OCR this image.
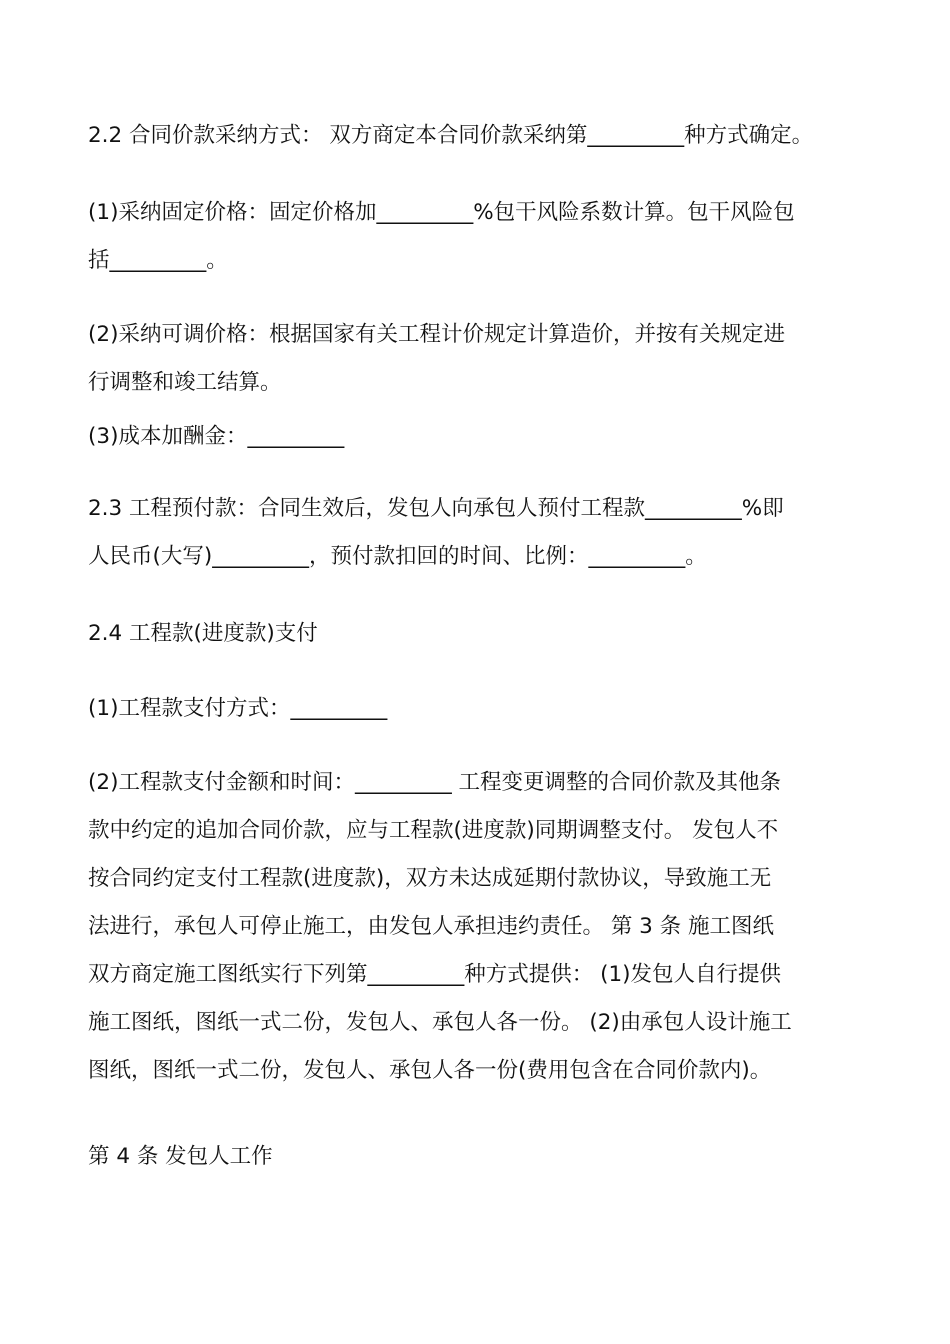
2.2 合同价款采纳方式： 双方商定本合同价款采纳第_________种方式确定。
(1)采纳固定价格：固定价格加_________%包干风险系数计算。包干风险包
括_________。
(2)采纳可调价格：根据国家有关工程计价规定计算造价，并按有关规定进
行调整和竣工结算。
(3)成本加酬金：_________
2.3 工程预付款：合同生效后，发包人向承包人预付工程款_________%即
人民币(大写)_________，预付款扣回的时间、比例：_________。
2.4 工程款(进度款)支付
(1)工程款支付方式：_________
(2)工程款支付金额和时间：_________ 工程变更调整的合同价款及其他条
款中约定的追加合同价款，应与工程款(进度款)同期调整支付。 发包人不
按合同约定支付工程款(进度款)，双方未达成延期付款协议，导致施工无
法进行，承包人可停止施工，由发包人承担违约责任。 第 3 条 施工图纸
双方商定施工图纸实行下列第_________种方式提供： (1)发包人自行提供
施工图纸，图纸一式二份，发包人、承包人各一份。 (2)由承包人设计施工
图纸，图纸一式二份，发包人、承包人各一份(费用包含在合同价款内)。
第 4 条 发包人工作
